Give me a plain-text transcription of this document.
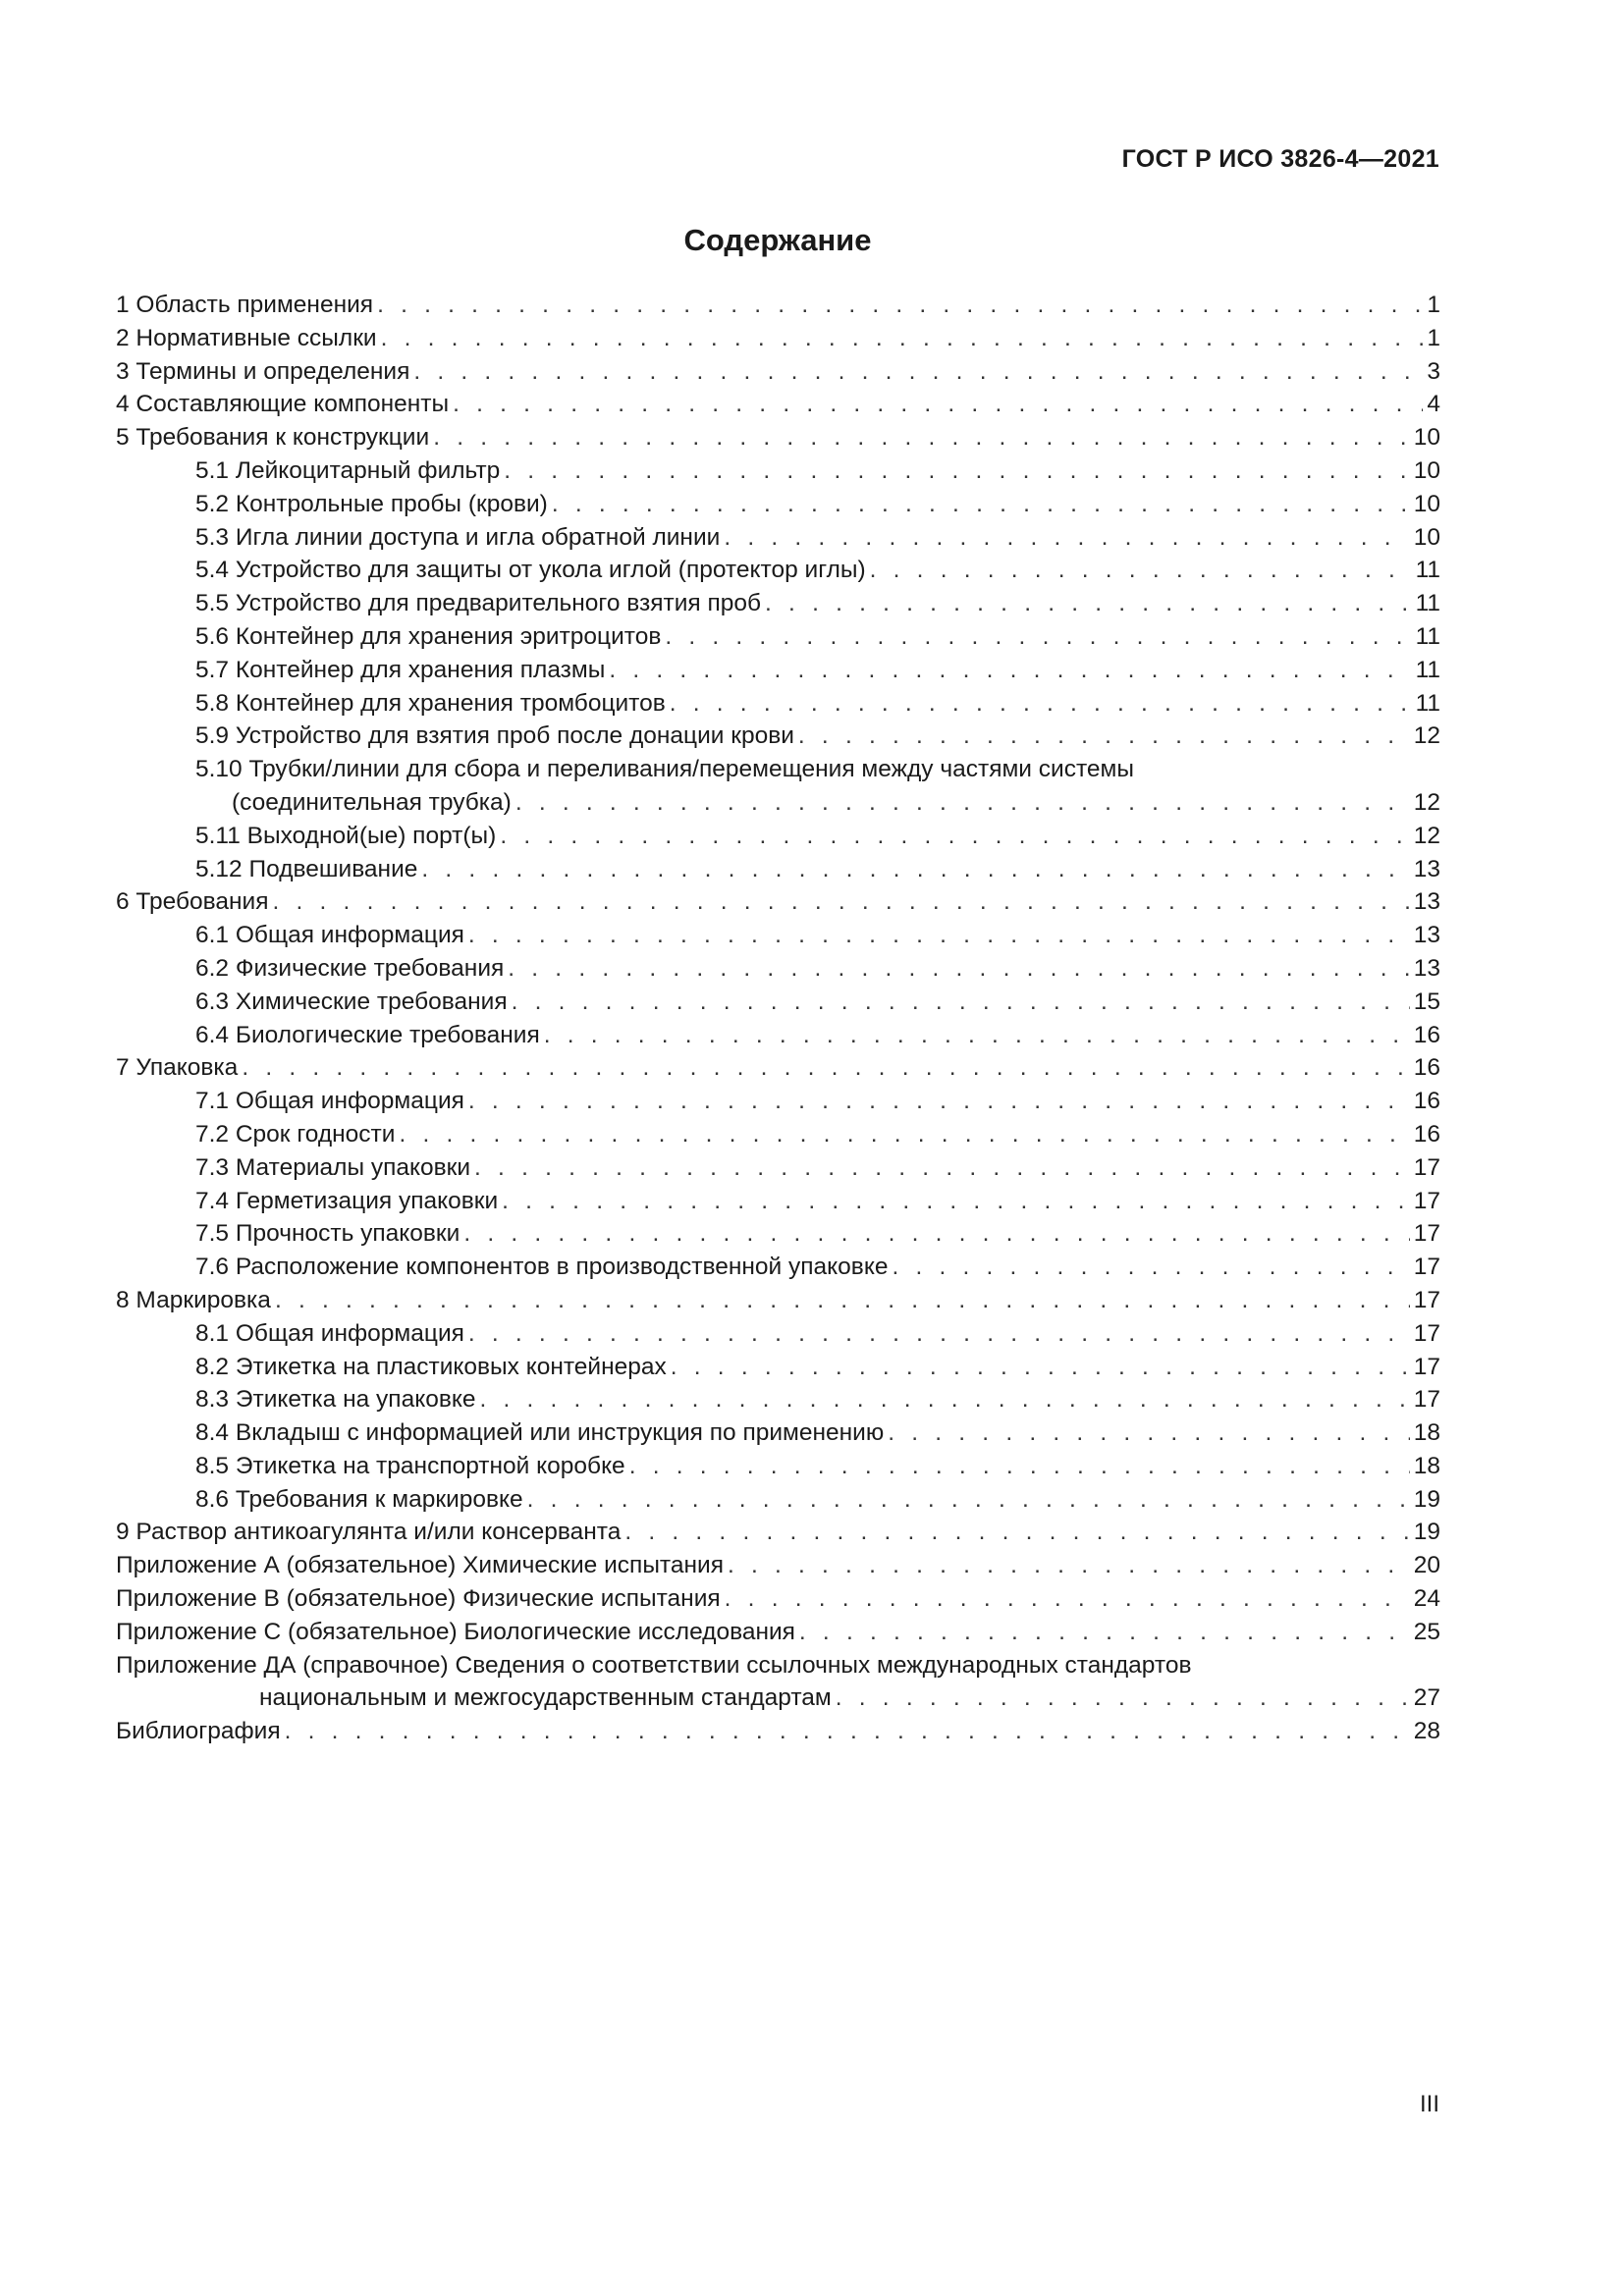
ГОСТ Р ИСО 3826-4—2021
Содержание
1 Область применения . . .	1
2 Нормативные ссылки . . .	1
3 Термины и определения . . .	3
4 Составляющие компоненты . . .	4
5 Требования к конструкции . . .	10
5.1 Лейкоцитарный фильтр . . .	10
5.2 Контрольные пробы (крови) . . .	10
5.3 Игла линии доступа и игла обратной линии . . .	10
5.4 Устройство для защиты от укола иглой (протектор иглы) . . .	11
5.5 Устройство для предварительного взятия проб . . .	11
5.6 Контейнер для хранения эритроцитов . . .	11
5.7 Контейнер для хранения плазмы . . .	11
5.8 Контейнер для хранения тромбоцитов . . .	11
5.9 Устройство для взятия проб после донации крови . . .	12
5.10 Трубки/линии для сбора и переливания/перемещения между частями системы
(соединительная трубка) . . .	12
5.11 Выходной(ые) порт(ы) . . .	12
5.12 Подвешивание . . .	13
6 Требования . . .	13
6.1 Общая информация . . .	13
6.2 Физические требования . . .	13
6.3 Химические требования . . .	15
6.4 Биологические требования . . .	16
7 Упаковка . . .	16
7.1 Общая информация . . .	16
7.2 Срок годности . . .	16
7.3 Материалы упаковки . . .	17
7.4 Герметизация упаковки . . .	17
7.5 Прочность упаковки . . .	17
7.6 Расположение компонентов в производственной упаковке . . .	17
8 Маркировка . . .	17
8.1 Общая информация . . .	17
8.2 Этикетка на пластиковых контейнерах . . .	17
8.3 Этикетка на упаковке . . .	17
8.4 Вкладыш с информацией или инструкция по применению . . .	18
8.5 Этикетка на транспортной коробке . . .	18
8.6 Требования к маркировке . . .	19
9 Раствор антикоагулянта и/или консерванта . . .	19
Приложение А (обязательное) Химические испытания . . .	20
Приложение В (обязательное) Физические испытания . . .	24
Приложение С (обязательное) Биологические исследования . . .	25
Приложение ДА (справочное) Сведения о соответствии ссылочных международных стандартов
национальным и межгосударственным стандартам . . .	27
Библиография . . .	28
III
